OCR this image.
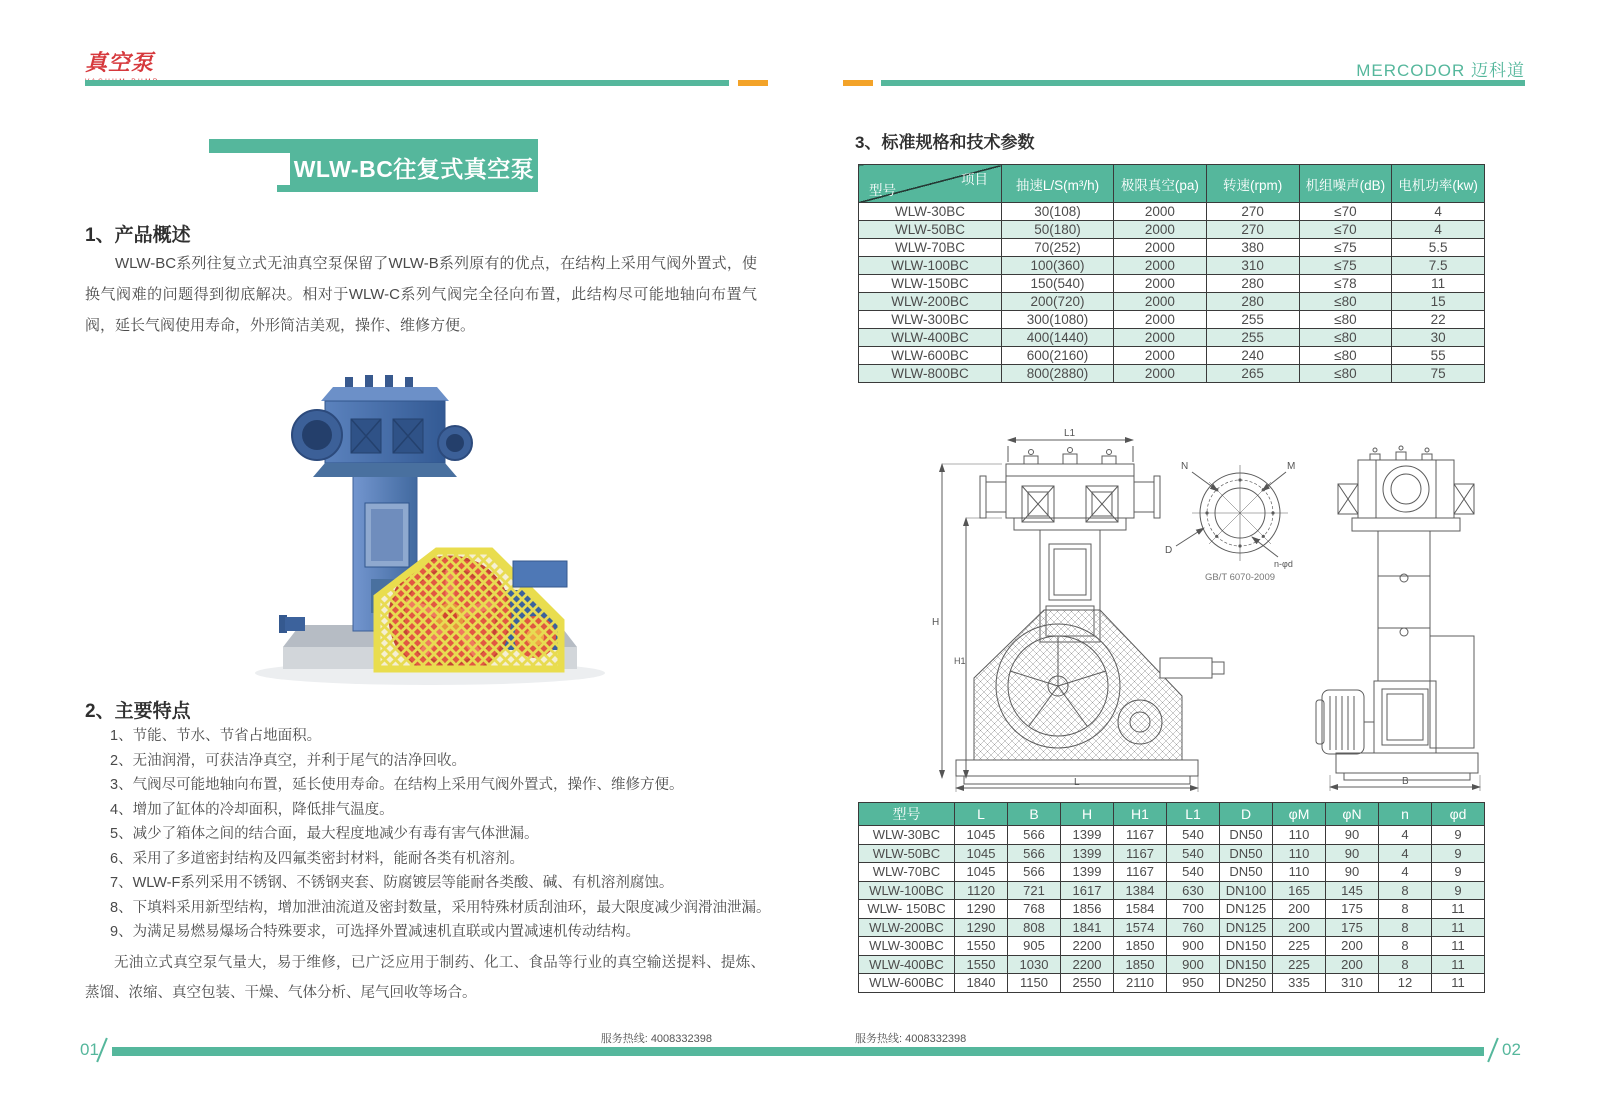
真空泵	MERCODOR 迈科道
WLW-BC往复式真空泵
1、产品概述

WLW-BC系列往复立式无油真空泵保留了WLW-B系列原有的优点，在结构上采用气阀外置式，使换气阀难的问题得到彻底解决。相对于WLW-C系列气阀完全径向布置，此结构尽可能地轴向布置气阀，延长气阀使用寿命，外形简洁美观，操作、维修方便。

2、主要特点
1、节能、节水、节省占地面积。
2、无油润滑，可获洁净真空，并利于尾气的洁净回收。
3、气阀尽可能地轴向布置，延长使用寿命。在结构上采用气阀外置式，操作、维修方便。
4、增加了缸体的冷却面积，降低排气温度。
5、减少了箱体之间的结合面，最大程度地减少有毒有害气体泄漏。
6、采用了多道密封结构及四氟类密封材料，能耐各类有机溶剂。
7、WLW-F系列采用不锈钢、不锈钢夹套、防腐镀层等能耐各类酸、碱、有机溶剂腐蚀。
8、下填料采用新型结构，增加泄油流道及密封数量，采用特殊材质刮油环，最大限度减少润滑油泄漏。
9、为满足易燃易爆场合特殊要求，可选择外置减速机直联或内置减速机传动结构。

无油立式真空泵气量大，易于维修，已广泛应用于制药、化工、食品等行业的真空输送提料、提炼、蒸馏、浓缩、真空包装、干燥、气体分析、尾气回收等场合。

3、标准规格和技术参数
项目
型号	抽速L/S(m³/h)	极限真空(pa)	转速(rpm)	机组噪声(dB)	电机功率(kw)
WLW-30BC	30(108)	2000	270	≤70	4
WLW-50BC	50(180)	2000	270	≤70	4
WLW-70BC	70(252)	2000	380	≤75	5.5
WLW-100BC	100(360)	2000	310	≤75	7.5
WLW-150BC	150(540)	2000	280	≤78	11
WLW-200BC	200(720)	2000	280	≤80	15
WLW-300BC	300(1080)	2000	255	≤80	22
WLW-400BC	400(1440)	2000	255	≤80	30
WLW-600BC	600(2160)	2000	240	≤80	55
WLW-800BC	800(2880)	2000	265	≤80	75
L1
H
H1
L
N	M
D
n-φd
GB/T 6070-2009
B
型号	L	B	H	H1	L1	D	φM	φN	n	φd
WLW-30BC	1045	566	1399	1167	540	DN50	110	90	4	9
WLW-50BC	1045	566	1399	1167	540	DN50	110	90	4	9
WLW-70BC	1045	566	1399	1167	540	DN50	110	90	4	9
WLW-100BC	1120	721	1617	1384	630	DN100	165	145	8	9
WLW- 150BC	1290	768	1856	1584	700	DN125	200	175	8	11
WLW-200BC	1290	808	1841	1574	760	DN125	200	175	8	11
WLW-300BC	1550	905	2200	1850	900	DN150	225	200	8	11
WLW-400BC	1550	1030	2200	1850	900	DN150	225	200	8	11
WLW-600BC	1840	1150	2550	2110	950	DN250	335	310	12	11
服务热线: 4008332398	服务热线: 4008332398
01	02
